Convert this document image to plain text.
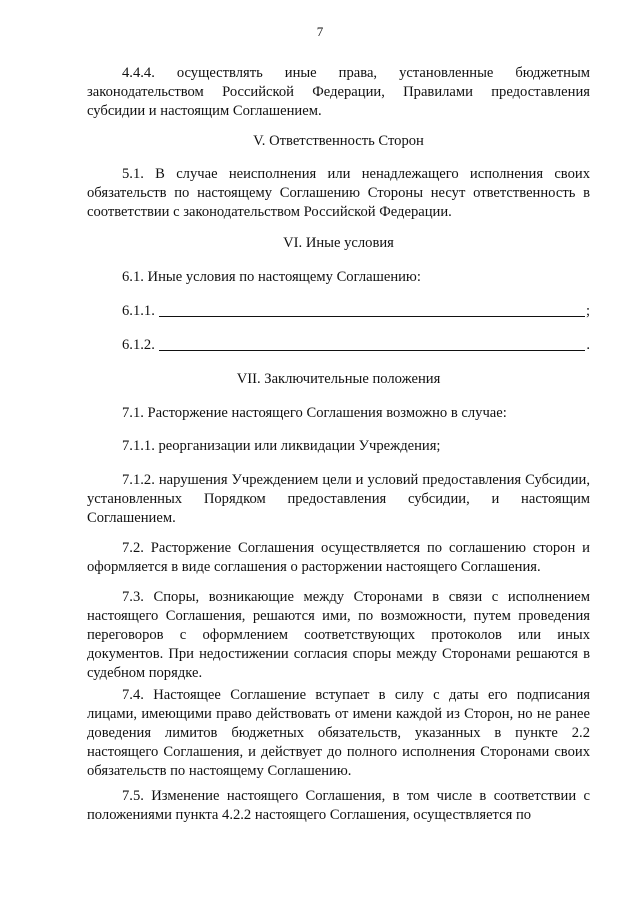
7

4.4.4. осуществлять иные права, установленные бюджетным законодательством Российской Федерации, Правилами предоставления субсидии и настоящим Соглашением.

V. Ответственность Сторон

5.1. В случае неисполнения или ненадлежащего исполнения своих обязательств по настоящему Соглашению Стороны несут ответственность в соответствии с законодательством Российской Федерации.

VI. Иные условия

6.1. Иные условия по настоящему Соглашению:

6.1.1.	;
6.1.2.	.

VII. Заключительные положения

7.1. Расторжение настоящего Соглашения возможно в случае:

7.1.1. реорганизации или ликвидации Учреждения;

7.1.2. нарушения Учреждением цели и условий предоставления Субсидии, установленных Порядком предоставления субсидии, и настоящим Соглашением.

7.2. Расторжение Соглашения осуществляется по соглашению сторон и оформляется в виде соглашения о расторжении настоящего Соглашения.

7.3. Споры, возникающие между Сторонами в связи с исполнением настоящего Соглашения, решаются ими, по возможности, путем проведения переговоров с оформлением соответствующих протоколов или иных документов. При недостижении согласия споры между Сторонами решаются в судебном порядке.

7.4. Настоящее Соглашение вступает в силу с даты его подписания лицами, имеющими право действовать от имени каждой из Сторон, но не ранее доведения лимитов бюджетных обязательств, указанных в пункте 2.2 настоящего Соглашения, и действует до полного исполнения Сторонами своих обязательств по настоящему Соглашению.

7.5. Изменение настоящего Соглашения, в том числе в соответствии с положениями пункта 4.2.2 настоящего Соглашения, осуществляется по
